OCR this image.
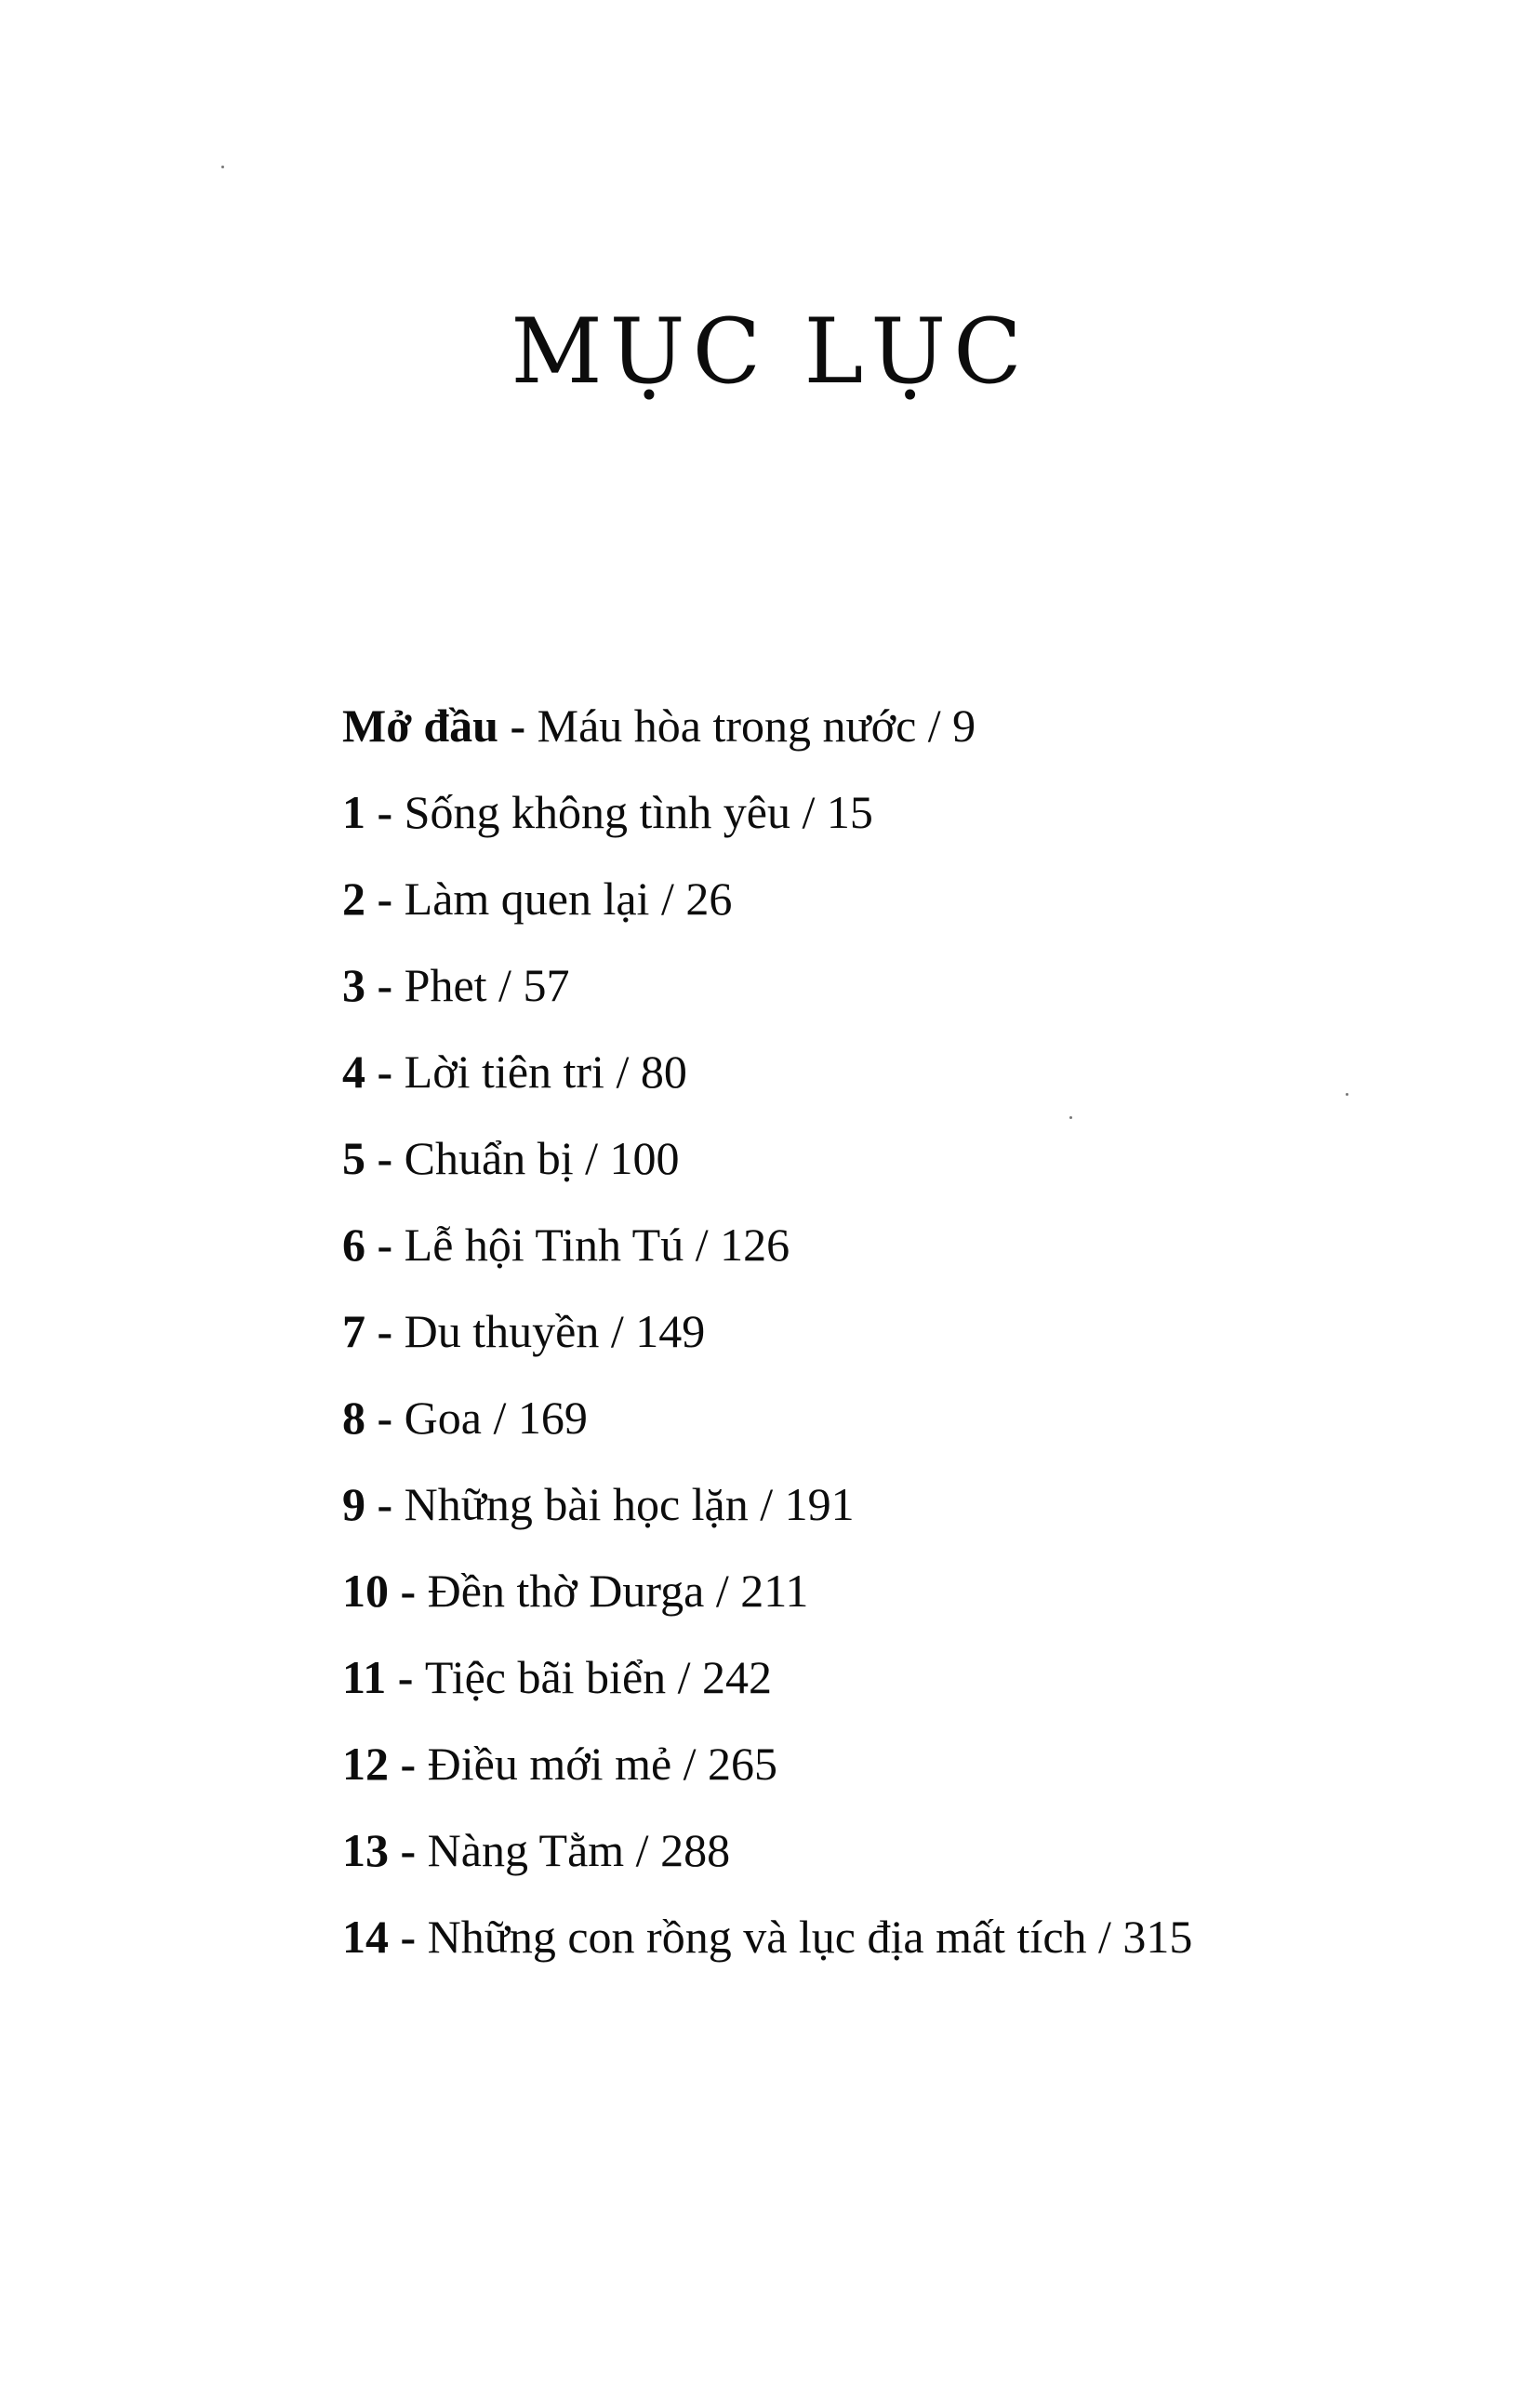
MỤC LỤC
Mở đầu - Máu hòa trong nước / 9
1 - Sống không tình yêu / 15
2 - Làm quen lại / 26
3 - Phet / 57
4 - Lời tiên tri / 80
5 - Chuẩn bị / 100
6 - Lễ hội Tinh Tú / 126
7 - Du thuyền / 149
8 - Goa / 169
9 - Những bài học lặn / 191
10 - Đền thờ Durga / 211
11 - Tiệc bãi biển / 242
12 - Điều mới mẻ / 265
13 - Nàng Tằm / 288
14 - Những con rồng và lục địa mất tích / 315
